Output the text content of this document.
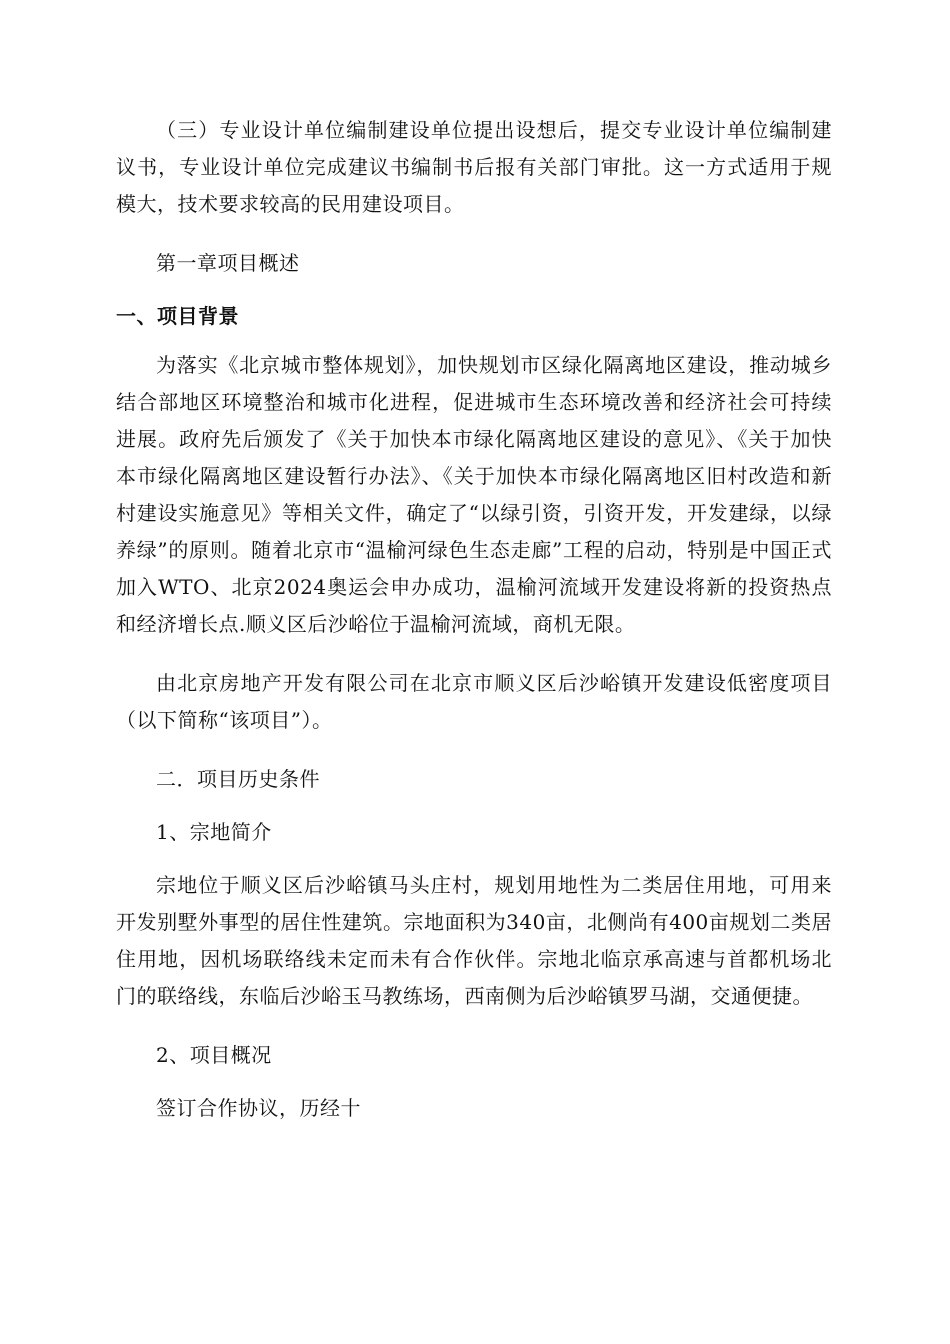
（三）专业设计单位编制建设单位提出设想后，提交专业设计单位编制建议书，专业设计单位完成建议书编制书后报有关部门审批。这一方式适用于规模大，技术要求较高的民用建设项目。

第一章项目概述

一、项目背景

为落实《北京城市整体规划》，加快规划市区绿化隔离地区建设，推动城乡结合部地区环境整治和城市化进程，促进城市生态环境改善和经济社会可持续进展。政府先后颁发了《关于加快本市绿化隔离地区建设的意见》、《关于加快本市绿化隔离地区建设暂行办法》、《关于加快本市绿化隔离地区旧村改造和新村建设实施意见》等相关文件，确定了“以绿引资，引资开发，开发建绿，以绿养绿”的原则。随着北京市“温榆河绿色生态走廊”工程的启动，特别是中国正式加入WTO、北京2024奥运会申办成功，温榆河流域开发建设将新的投资热点和经济增长点.顺义区后沙峪位于温榆河流域，商机无限。

由北京房地产开发有限公司在北京市顺义区后沙峪镇开发建设低密度项目（以下简称“该项目”）。

二．项目历史条件

1、宗地简介

宗地位于顺义区后沙峪镇马头庄村，规划用地性为二类居住用地，可用来开发别墅外事型的居住性建筑。宗地面积为340亩，北侧尚有400亩规划二类居住用地，因机场联络线未定而未有合作伙伴。宗地北临京承高速与首都机场北门的联络线，东临后沙峪玉马教练场，西南侧为后沙峪镇罗马湖，交通便捷。

2、项目概况

签订合作协议，历经十
